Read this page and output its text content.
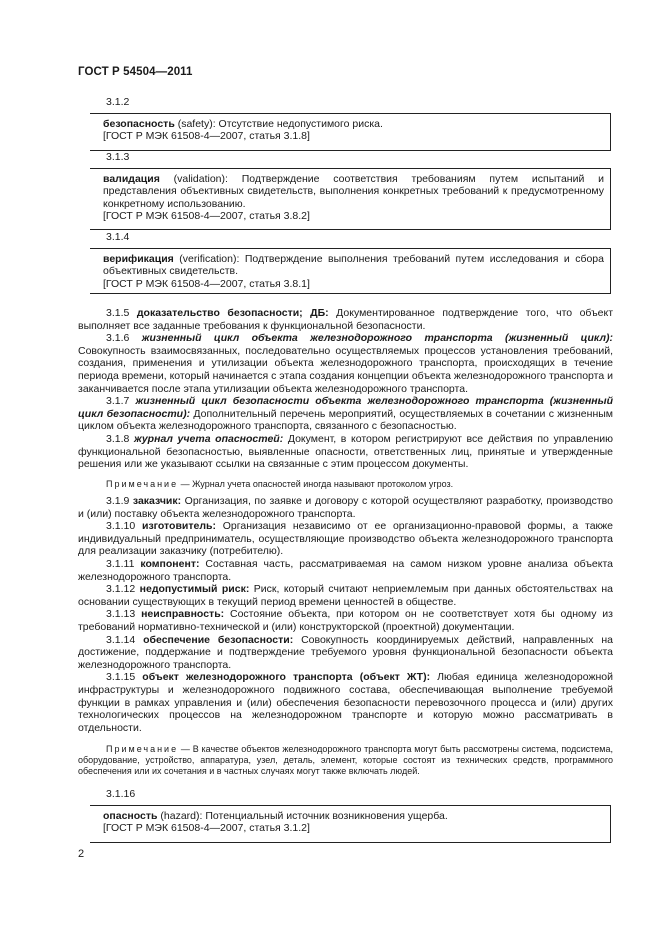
ГОСТ Р 54504—2011
3.1.2

безопасность (safety): Отсутствие недопустимого риска.

[ГОСТ Р МЭК 61508-4—2007, статья 3.1.8]

3.1.3

валидация (validation): Подтверждение соответствия требованиям путем испытаний и представления объективных свидетельств, выполнения конкретных требований к предусмотренному конкретному использованию.

[ГОСТ Р МЭК 61508-4—2007, статья 3.8.2]

3.1.4

верификация (verification): Подтверждение выполнения требований путем исследования и сбора объективных свидетельств.

[ГОСТ Р МЭК 61508-4—2007, статья 3.8.1]

3.1.5 доказательство безопасности; ДБ: Документированное подтверждение того, что объект выполняет все заданные требования к функциональной безопасности.

3.1.6 жизненный цикл объекта железнодорожного транспорта (жизненный цикл): Совокупность взаимосвязанных, последовательно осуществляемых процессов установления требований, создания, применения и утилизации объекта железнодорожного транспорта, происходящих в течение периода времени, который начинается с этапа создания концепции объекта железнодорожного транспорта и заканчивается после этапа утилизации объекта железнодорожного транспорта.

3.1.7 жизненный цикл безопасности объекта железнодорожного транспорта (жизненный цикл безопасности): Дополнительный перечень мероприятий, осуществляемых в сочетании с жизненным циклом объекта железнодорожного транспорта, связанного с безопасностью.

3.1.8 журнал учета опасностей: Документ, в котором регистрируют все действия по управлению функциональной безопасностью, выявленные опасности, ответственных лиц, принятые и утвержденные решения или же указывают ссылки на связанные с этим процессом документы.

Примечание — Журнал учета опасностей иногда называют протоколом угроз.

3.1.9 заказчик: Организация, по заявке и договору с которой осуществляют разработку, производство и (или) поставку объекта железнодорожного транспорта.

3.1.10 изготовитель: Организация независимо от ее организационно-правовой формы, а также индивидуальный предприниматель, осуществляющие производство объекта железнодорожного транспорта для реализации заказчику (потребителю).

3.1.11 компонент: Составная часть, рассматриваемая на самом низком уровне анализа объекта железнодорожного транспорта.

3.1.12 недопустимый риск: Риск, который считают неприемлемым при данных обстоятельствах на основании существующих в текущий период времени ценностей в обществе.

3.1.13 неисправность: Состояние объекта, при котором он не соответствует хотя бы одному из требований нормативно-технической и (или) конструкторской (проектной) документации.

3.1.14 обеспечение безопасности: Совокупность координируемых действий, направленных на достижение, поддержание и подтверждение требуемого уровня функциональной безопасности объекта железнодорожного транспорта.

3.1.15 объект железнодорожного транспорта (объект ЖТ): Любая единица железнодорожной инфраструктуры и железнодорожного подвижного состава, обеспечивающая выполнение требуемой функции в рамках управления и (или) обеспечения безопасности перевозочного процесса и (или) других технологических процессов на железнодорожном транспорте и которую можно рассматривать в отдельности.

Примечание — В качестве объектов железнодорожного транспорта могут быть рассмотрены система, подсистема, оборудование, устройство, аппаратура, узел, деталь, элемент, которые состоят из технических средств, программного обеспечения или их сочетания и в частных случаях могут также включать людей.

3.1.16

опасность (hazard): Потенциальный источник возникновения ущерба.

[ГОСТ Р МЭК 61508-4—2007, статья 3.1.2]

2
